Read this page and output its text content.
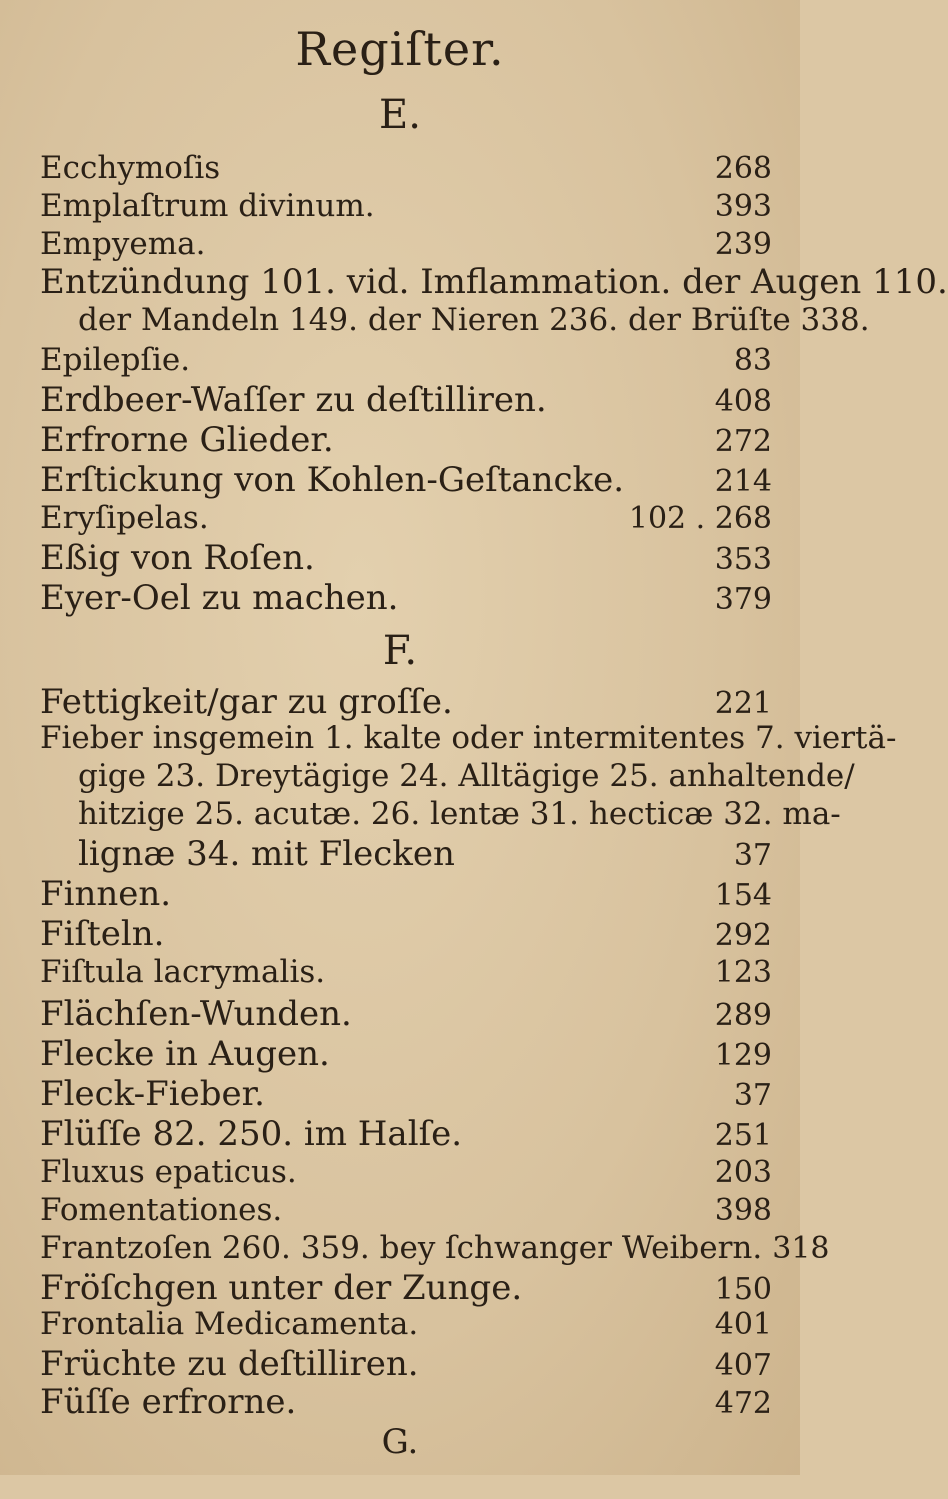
Regiſter.
E.
Ecchymoſis	268
Emplaſtrum divinum.	393
Empyema.	239
Entzündung 101. vid. Imflammation. der Augen 110.
der Mandeln 149. der Nieren 236. der Brüſte 338.
Epilepſie.	83
Erdbeer-Waſſer zu deſtilliren.	408
Erfrorne Glieder.	272
Erſtickung von Kohlen-Geſtancke.	214
Eryſipelas.	102 . 268
Eßig von Roſen.	353
Eyer-Oel zu machen.	379
F.
Fettigkeit/gar zu groſſe.	221
Fieber insgemein 1. kalte oder intermitentes 7. viertä-
gige 23. Dreytägige 24. Alltägige 25. anhaltende/
hitzige 25. acutæ. 26. lentæ 31. hecticæ 32. ma-
lignæ 34. mit Flecken	37
Finnen.	154
Fiſteln.	292
Fiſtula lacrymalis.	123
Flächſen-Wunden.	289
Flecke in Augen.	129
Fleck-Fieber.	37
Flüſſe 82. 250. im Halſe.	251
Fluxus epaticus.	203
Fomentationes.	398
Frantzoſen 260. 359. bey ſchwanger Weibern. 318
Fröſchgen unter der Zunge.	150
Frontalia Medicamenta.	401
Früchte zu deſtilliren.	407
Füſſe erfrorne.	472
G.
